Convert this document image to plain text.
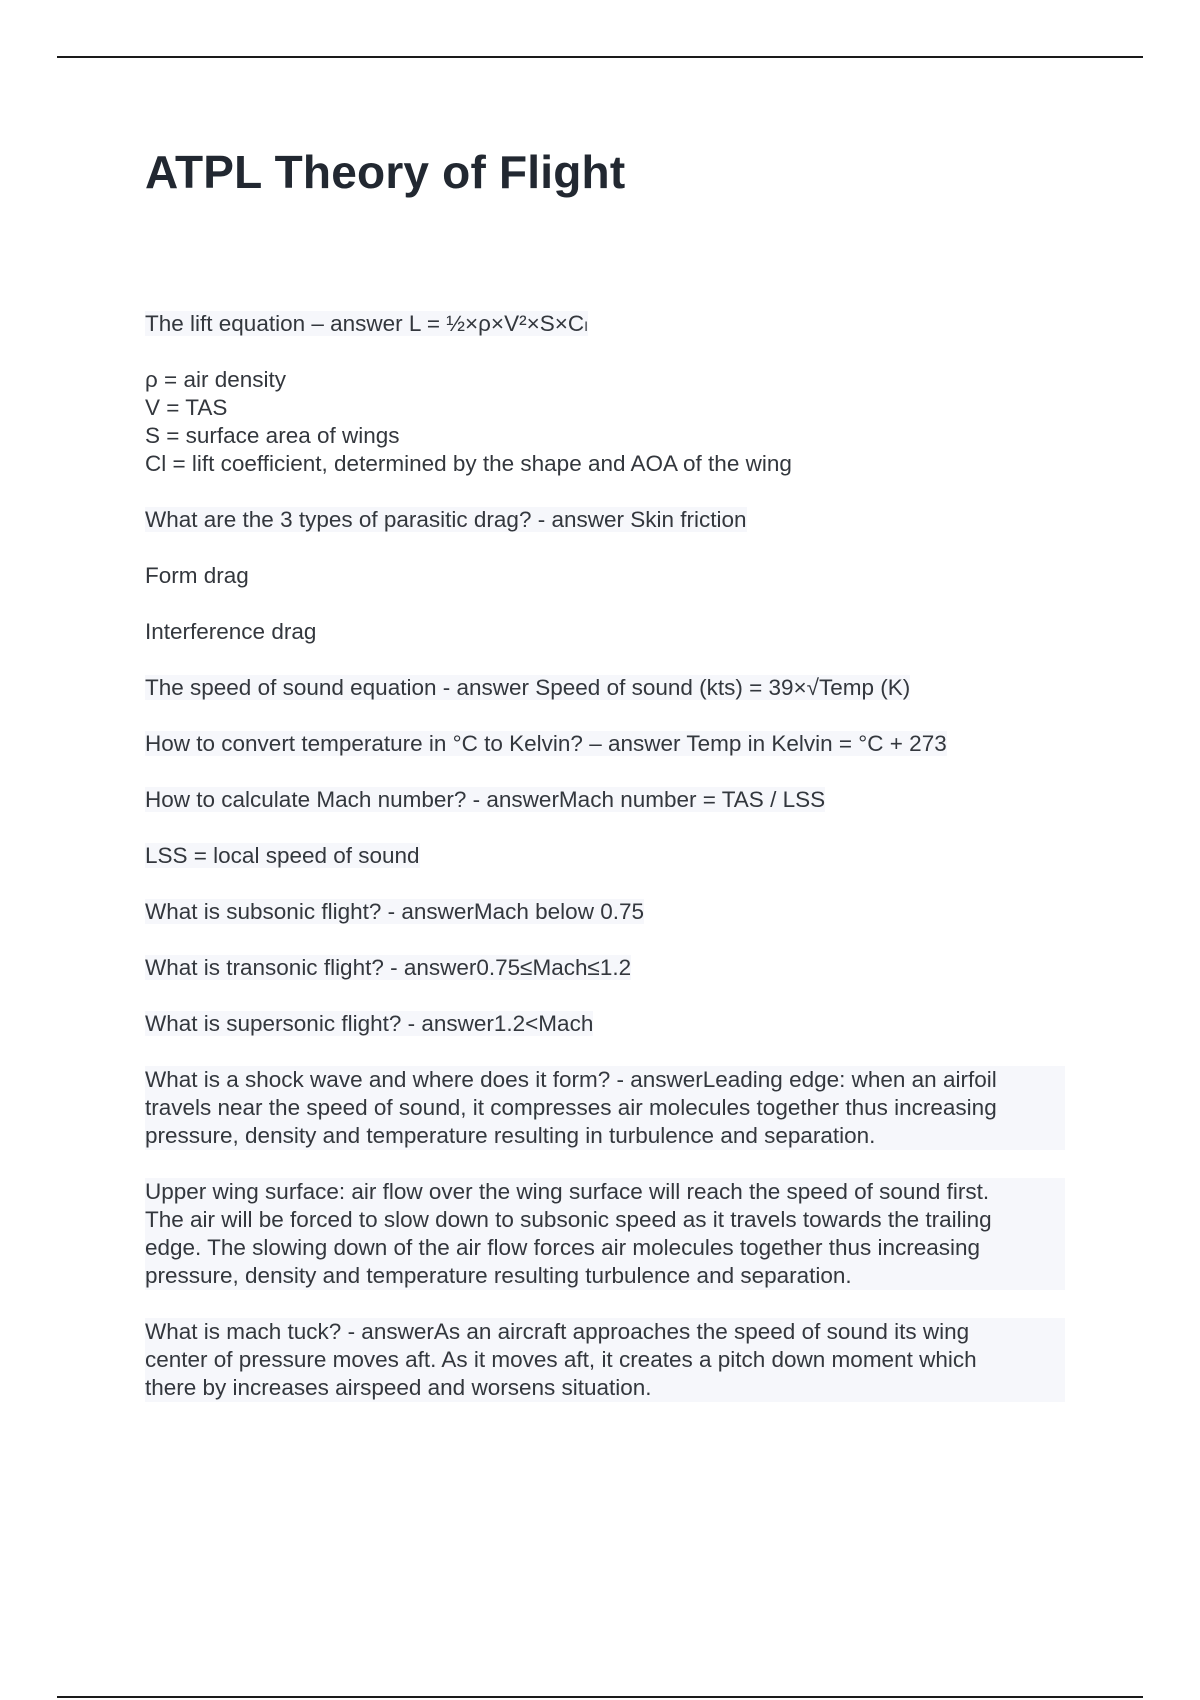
ATPL Theory of Flight

The lift equation – answer L = ½×ρ×V²×S×Cₗ

ρ = air density
V = TAS
S = surface area of wings
Cl = lift coefficient, determined by the shape and AOA of the wing

What are the 3 types of parasitic drag? - answer Skin friction

Form drag

Interference drag

The speed of sound equation - answer Speed of sound (kts) = 39×√Temp (K)

How to convert temperature in °C to Kelvin? – answer Temp in Kelvin = °C + 273

How to calculate Mach number? - answerMach number = TAS / LSS

LSS = local speed of sound

What is subsonic flight? - answerMach below 0.75

What is transonic flight? - answer0.75≤Mach≤1.2

What is supersonic flight? - answer1.2<Mach

What is a shock wave and where does it form? - answerLeading edge: when an airfoil
travels near the speed of sound, it compresses air molecules together thus increasing
pressure, density and temperature resulting in turbulence and separation.

Upper wing surface: air flow over the wing surface will reach the speed of sound first.
The air will be forced to slow down to subsonic speed as it travels towards the trailing
edge. The slowing down of the air flow forces air molecules together thus increasing
pressure, density and temperature resulting turbulence and separation.

What is mach tuck? - answerAs an aircraft approaches the speed of sound its wing
center of pressure moves aft. As it moves aft, it creates a pitch down moment which
there by increases airspeed and worsens situation.
